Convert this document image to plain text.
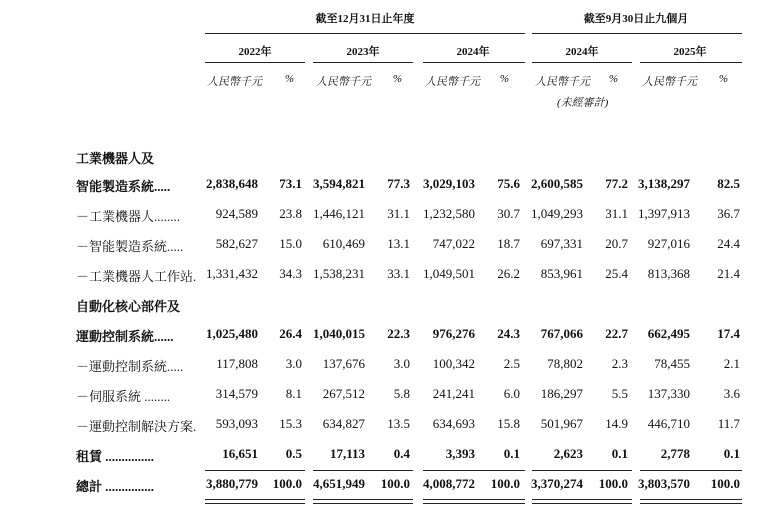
截至12月31日止年度	截至9月30日止九個月
2022年	2023年	2024年	2024年	2025年
人民幣千元	% 人民幣千元	% 人民幣千元	% 人民幣千元	% 人民幣千元	%
(未經審計)
工業機器人及
智能製造系統.....	2,838,648	73.1 3,594,821	77.3	3,029,103	75.6 2,600,585	77.2 3,138,297	82.5
－工業機器人........	924,589	23.8 1,446,121	31.1	1,232,580	30.7 1,049,293	31.1 1,397,913	36.7
－智能製造系統.....	582,627	15.0	610,469	13.1	747,022	18.7	697,331	20.7	927,016	24.4
－工業機器人工作站. 1,331,432	34.3 1,538,231	33.1	1,049,501	26.2	853,961	25.4	813,368	21.4
自動化核心部件及
運動控制系統......	1,025,480	26.4 1,040,015	22.3	976,276	24.3	767,066	22.7	662,495	17.4
－運動控制系統.....	117,808	3.0	137,676	3.0	100,342	2.5	78,802	2.3	78,455	2.1
－伺服系統 ........	314,579	8.1	267,512	5.8	241,241	6.0	186,297	5.5	137,330	3.6
－運動控制解決方案.	593,093	15.3	634,827	13.5	634,693	15.8	501,967	14.9	446,710	11.7
租賃 ...............	16,651	0.5	17,113	0.4	3,393	0.1	2,623	0.1	2,778	0.1
總計 ...............	3,880,779	100.0 4,651,949	100.0	4,008,772	100.0 3,370,274	100.0 3,803,570	100.0
